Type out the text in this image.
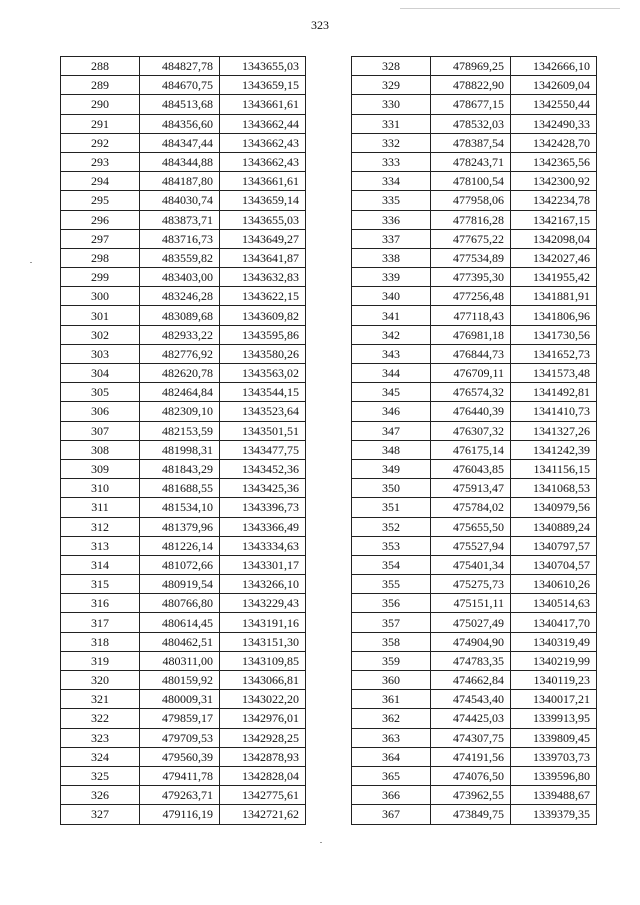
323
288	484827,78	1343655,03
289	484670,75	1343659,15
290	484513,68	1343661,61
291	484356,60	1343662,44
292	484347,44	1343662,43
293	484344,88	1343662,43
294	484187,80	1343661,61
295	484030,74	1343659,14
296	483873,71	1343655,03
297	483716,73	1343649,27
298	483559,82	1343641,87
299	483403,00	1343632,83
300	483246,28	1343622,15
301	483089,68	1343609,82
302	482933,22	1343595,86
303	482776,92	1343580,26
304	482620,78	1343563,02
305	482464,84	1343544,15
306	482309,10	1343523,64
307	482153,59	1343501,51
308	481998,31	1343477,75
309	481843,29	1343452,36
310	481688,55	1343425,36
311	481534,10	1343396,73
312	481379,96	1343366,49
313	481226,14	1343334,63
314	481072,66	1343301,17
315	480919,54	1343266,10
316	480766,80	1343229,43
317	480614,45	1343191,16
318	480462,51	1343151,30
319	480311,00	1343109,85
320	480159,92	1343066,81
321	480009,31	1343022,20
322	479859,17	1342976,01
323	479709,53	1342928,25
324	479560,39	1342878,93
325	479411,78	1342828,04
326	479263,71	1342775,61
327	479116,19	1342721,62
328	478969,25	1342666,10
329	478822,90	1342609,04
330	478677,15	1342550,44
331	478532,03	1342490,33
332	478387,54	1342428,70
333	478243,71	1342365,56
334	478100,54	1342300,92
335	477958,06	1342234,78
336	477816,28	1342167,15
337	477675,22	1342098,04
338	477534,89	1342027,46
339	477395,30	1341955,42
340	477256,48	1341881,91
341	477118,43	1341806,96
342	476981,18	1341730,56
343	476844,73	1341652,73
344	476709,11	1341573,48
345	476574,32	1341492,81
346	476440,39	1341410,73
347	476307,32	1341327,26
348	476175,14	1341242,39
349	476043,85	1341156,15
350	475913,47	1341068,53
351	475784,02	1340979,56
352	475655,50	1340889,24
353	475527,94	1340797,57
354	475401,34	1340704,57
355	475275,73	1340610,26
356	475151,11	1340514,63
357	475027,49	1340417,70
358	474904,90	1340319,49
359	474783,35	1340219,99
360	474662,84	1340119,23
361	474543,40	1340017,21
362	474425,03	1339913,95
363	474307,75	1339809,45
364	474191,56	1339703,73
365	474076,50	1339596,80
366	473962,55	1339488,67
367	473849,75	1339379,35
